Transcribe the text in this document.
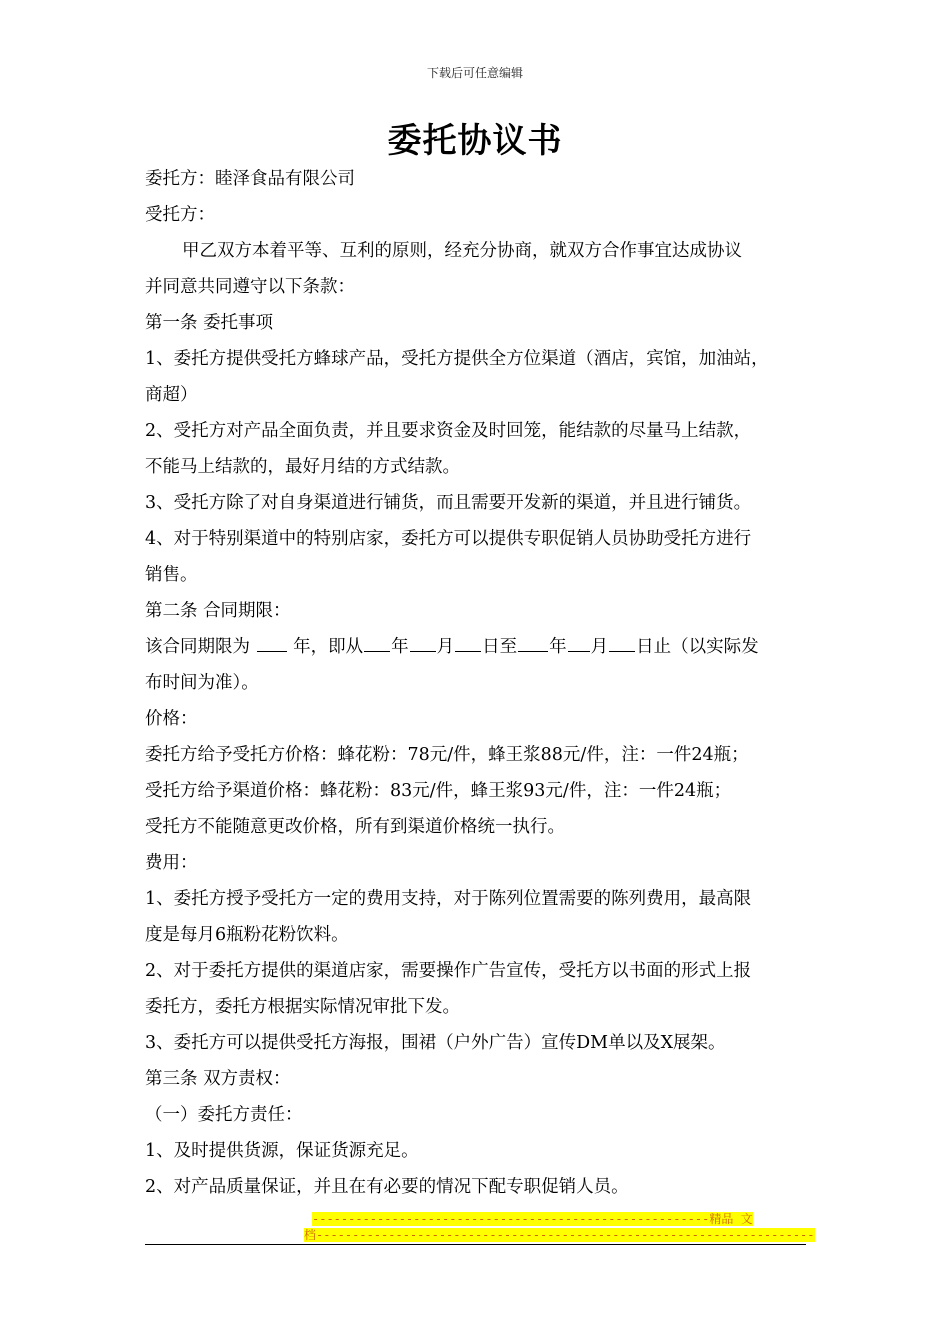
下载后可任意编辑
委托协议书
委托方：睦泽食品有限公司
受托方：
甲乙双方本着平等、互利的原则，经充分协商，就双方合作事宜达成协议
并同意共同遵守以下条款：
第一条 委托事项
1、委托方提供受托方蜂球产品，受托方提供全方位渠道（酒店，宾馆，加油站，
商超）
2、受托方对产品全面负责，并且要求资金及时回笼，能结款的尽量马上结款，
不能马上结款的，最好月结的方式结款。
3、受托方除了对自身渠道进行铺货，而且需要开发新的渠道，并且进行铺货。
4、对于特别渠道中的特别店家，委托方可以提供专职促销人员协助受托方进行
销售。
第二条 合同期限：
该合同期限为 年，即从 年 月 日至 年 月 日止（以实际发
布时间为准）。
价格：
委托方给予受托方价格：蜂花粉：78元/件，蜂王浆88元/件，注：一件24瓶；
受托方给予渠道价格：蜂花粉：83元/件，蜂王浆93元/件，注：一件24瓶；
受托方不能随意更改价格，所有到渠道价格统一执行。
费用：
1、委托方授予受托方一定的费用支持，对于陈列位置需要的陈列费用，最高限
度是每月6瓶粉花粉饮料。
2、对于委托方提供的渠道店家，需要操作广告宣传，受托方以书面的形式上报
委托方，委托方根据实际情况审批下发。
3、委托方可以提供受托方海报，围裙（户外广告）宣传DM单以及X展架。
第三条 双方责权：
（一）委托方责任：
1、及时提供货源，保证货源充足。
2、对产品质量保证，并且在有必要的情况下配专职促销人员。
-------------------------------------------------------精品 文
档---------------------------------------------------------------------
